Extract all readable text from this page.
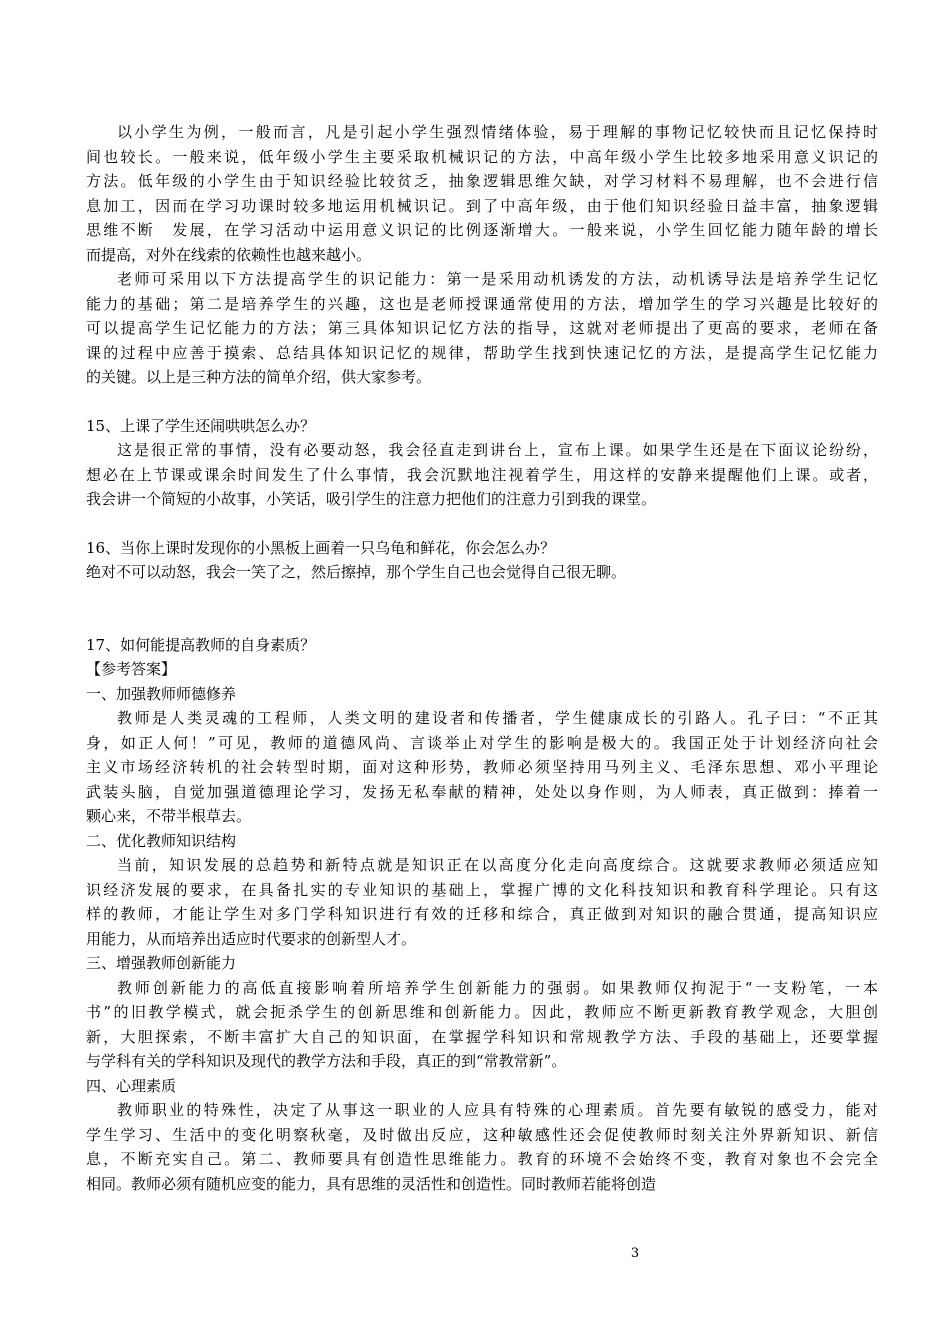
以小学生为例，一般而言，凡是引起小学生强烈情绪体验，易于理解的事物记忆较快而且记忆保持时
间也较长。一般来说，低年级小学生主要采取机械识记的方法，中高年级小学生比较多地采用意义识记的
方法。低年级的小学生由于知识经验比较贫乏，抽象逻辑思维欠缺，对学习材料不易理解，也不会进行信
息加工，因而在学习功课时较多地运用机械识记。到了中高年级，由于他们知识经验日益丰富，抽象逻辑
思维不断　发展，在学习活动中运用意义识记的比例逐渐增大。一般来说，小学生回忆能力随年龄的增长
而提高，对外在线索的依赖性也越来越小。
老师可采用以下方法提高学生的识记能力：第一是采用动机诱发的方法，动机诱导法是培养学生记忆
能力的基础；第二是培养学生的兴趣，这也是老师授课通常使用的方法，增加学生的学习兴趣是比较好的
可以提高学生记忆能力的方法；第三具体知识记忆方法的指导，这就对老师提出了更高的要求，老师在备
课的过程中应善于摸索、总结具体知识记忆的规律，帮助学生找到快速记忆的方法，是提高学生记忆能力
的关键。以上是三种方法的简单介绍，供大家参考。
15、上课了学生还闹哄哄怎么办？
这是很正常的事情，没有必要动怒，我会径直走到讲台上，宣布上课。如果学生还是在下面议论纷纷，
想必在上节课或课余时间发生了什么事情，我会沉默地注视着学生，用这样的安静来提醒他们上课。或者，
我会讲一个简短的小故事，小笑话，吸引学生的注意力把他们的注意力引到我的课堂。
16、当你上课时发现你的小黑板上画着一只乌龟和鲜花，你会怎么办？
绝对不可以动怒，我会一笑了之，然后擦掉，那个学生自己也会觉得自己很无聊。
17、如何能提高教师的自身素质？
【参考答案】
一、加强教师师德修养
教师是人类灵魂的工程师，人类文明的建设者和传播者，学生健康成长的引路人。孔子曰：“不正其
身，如正人何！”可见，教师的道德风尚、言谈举止对学生的影响是极大的。我国正处于计划经济向社会
主义市场经济转机的社会转型时期，面对这种形势，教师必须坚持用马列主义、毛泽东思想、邓小平理论
武装头脑，自觉加强道德理论学习，发扬无私奉献的精神，处处以身作则，为人师表，真正做到：捧着一
颗心来，不带半根草去。
二、优化教师知识结构
当前，知识发展的总趋势和新特点就是知识正在以高度分化走向高度综合。这就要求教师必须适应知
识经济发展的要求，在具备扎实的专业知识的基础上，掌握广博的文化科技知识和教育科学理论。只有这
样的教师，才能让学生对多门学科知识进行有效的迁移和综合，真正做到对知识的融合贯通，提高知识应
用能力，从而培养出适应时代要求的创新型人才。
三、增强教师创新能力
教师创新能力的高低直接影响着所培养学生创新能力的强弱。如果教师仅拘泥于“一支粉笔，一本
书”的旧教学模式，就会扼杀学生的创新思维和创新能力。因此，教师应不断更新教育教学观念，大胆创
新，大胆探索，不断丰富扩大自己的知识面，在掌握学科知识和常规教学方法、手段的基础上，还要掌握
与学科有关的学科知识及现代的教学方法和手段，真正的到“常教常新”。
四、心理素质
教师职业的特殊性，决定了从事这一职业的人应具有特殊的心理素质。首先要有敏锐的感受力，能对
学生学习、生活中的变化明察秋毫，及时做出反应，这种敏感性还会促使教师时刻关注外界新知识、新信
息，不断充实自己。第二、教师要具有创造性思维能力。教育的环境不会始终不变，教育对象也不会完全
相同。教师必须有随机应变的能力，具有思维的灵活性和创造性。同时教师若能将创造
3
